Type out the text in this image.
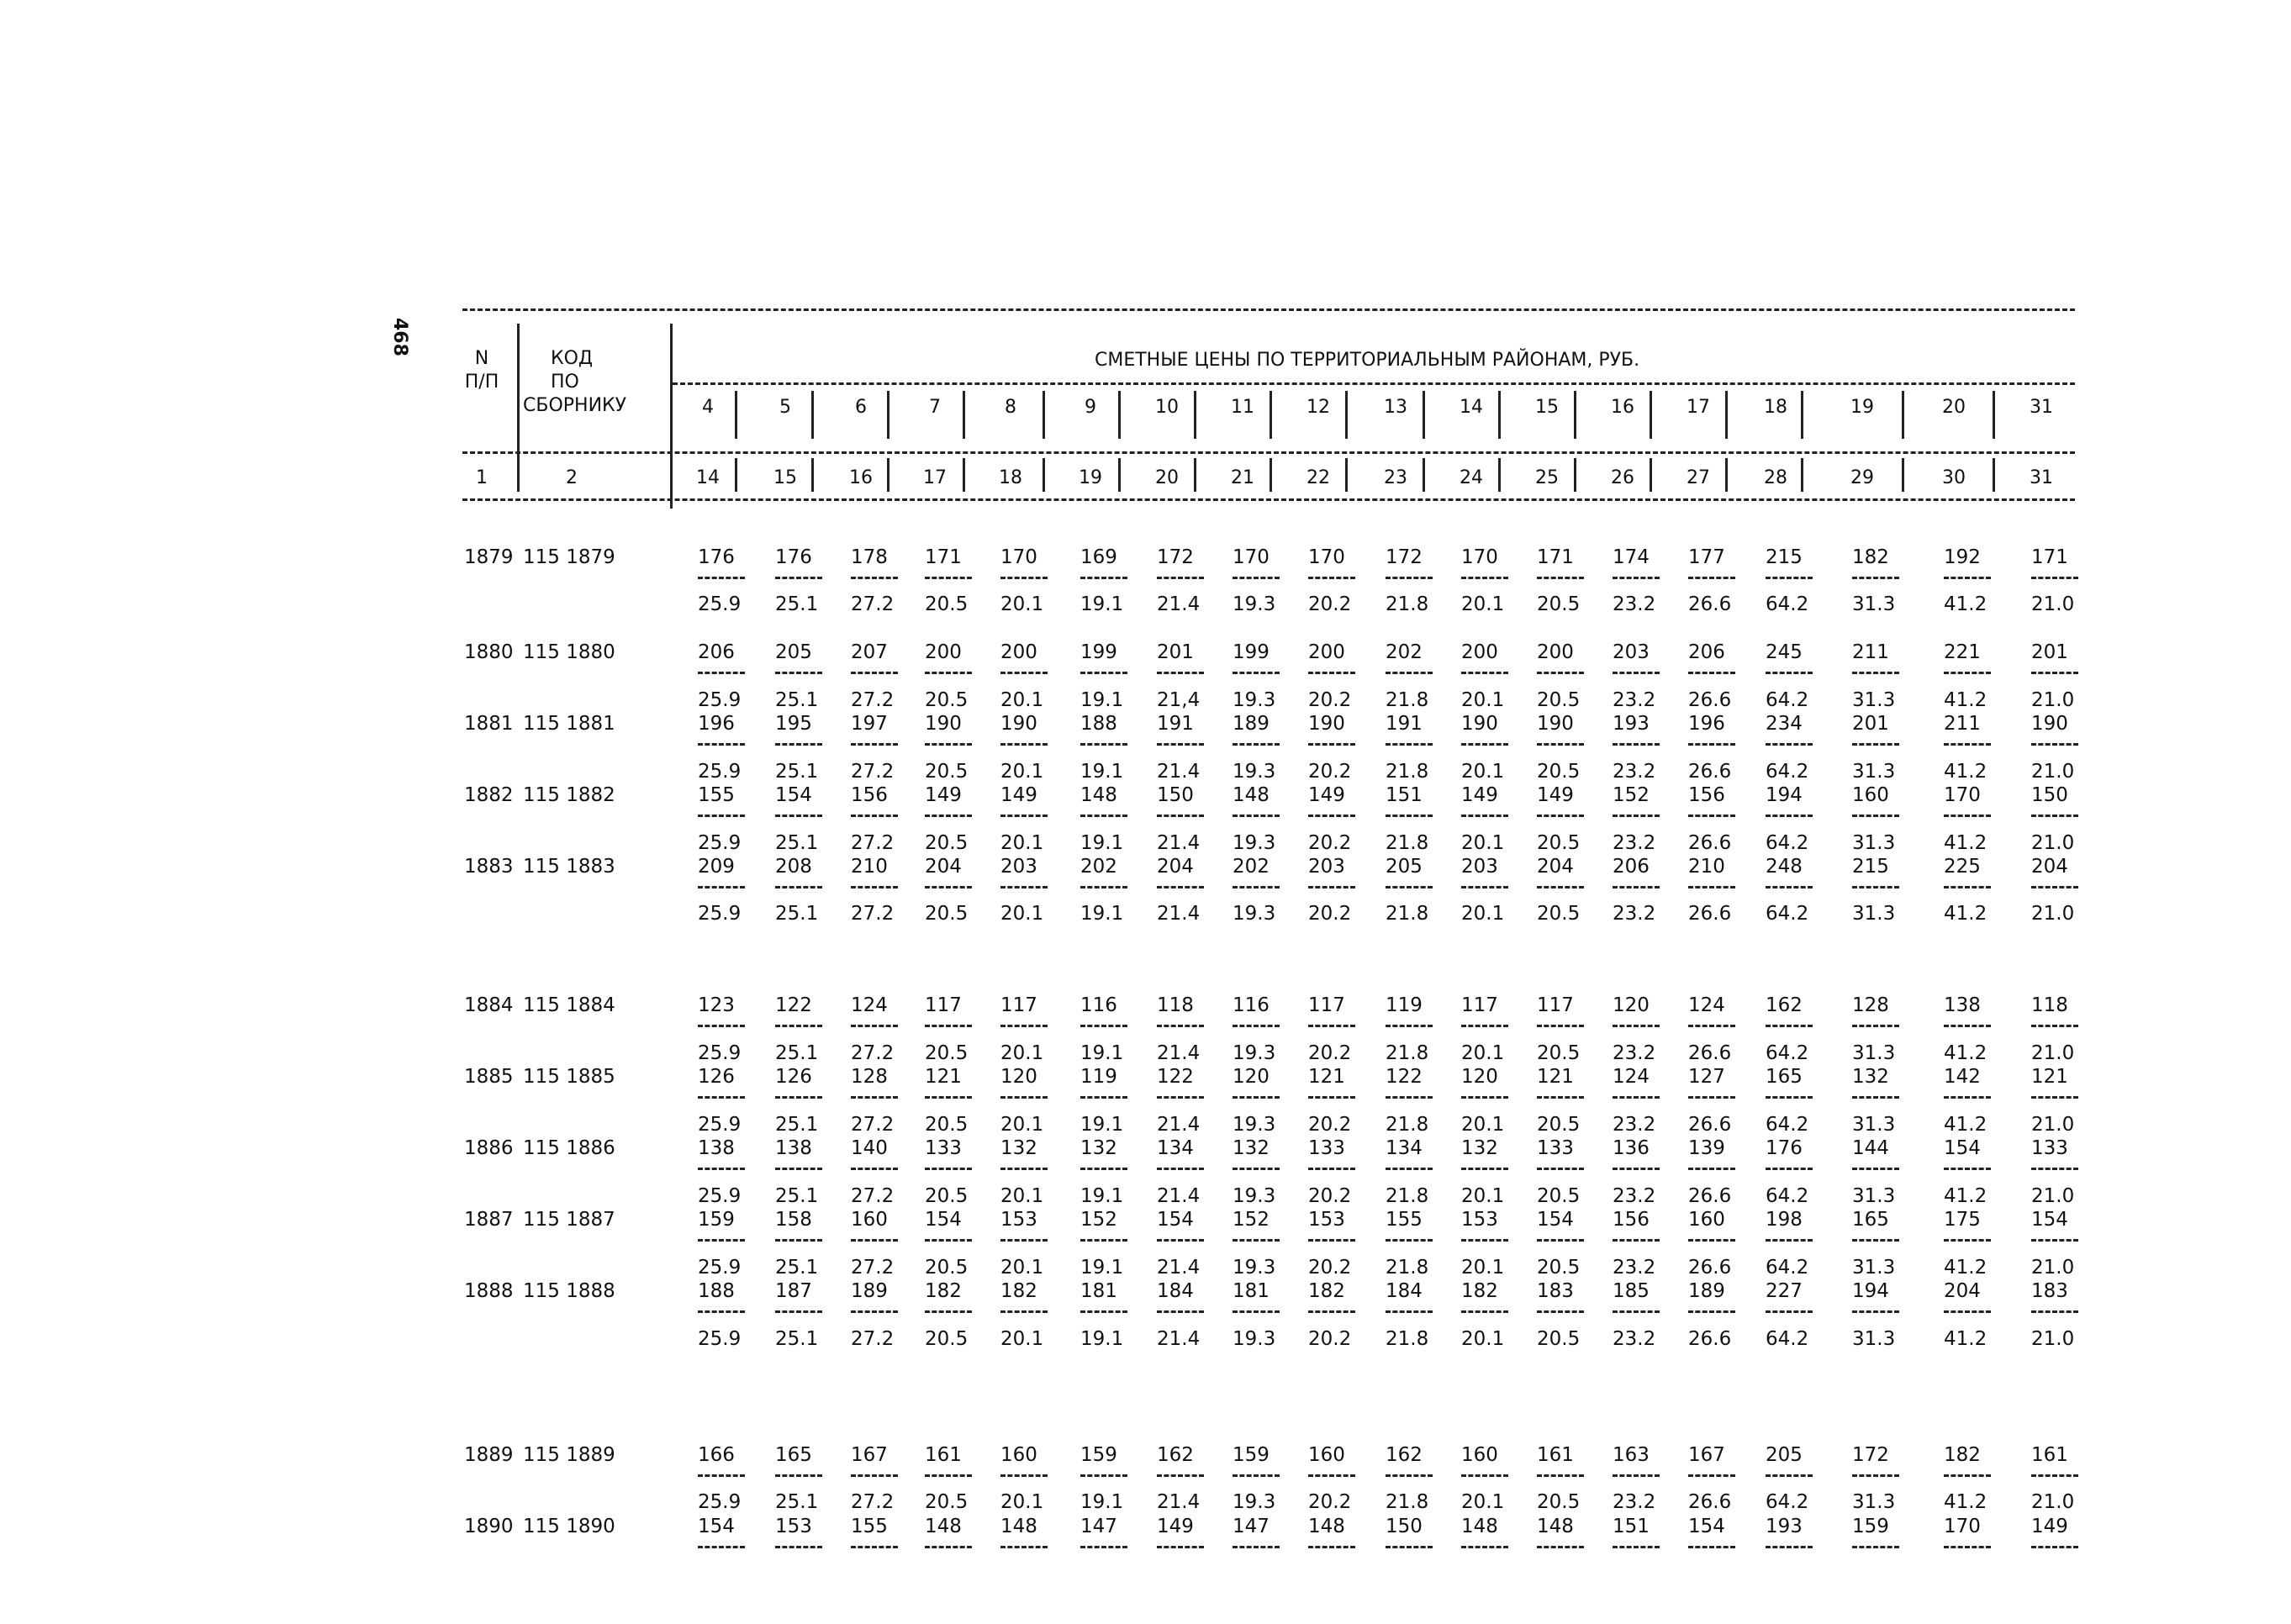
468
N
П/П
КОД
ПО
СБОРНИКУ
СМЕТНЫЕ ЦЕНЫ ПО ТЕРРИТОРИАЛЬНЫМ РАЙОНАМ, РУБ.
4	5	6	7	8	9	10	11	12	13	14	15	16	17	18	19	20	31
1	2	14	15	16	17	18	19	20	21	22	23	24	25	26	27	28	29	30	31
1879 115 1879	176 176 178 171 170 169 172 170 170 172 170 171 174 177 215	182	192	171
25.9 25.1 27.2 20.5 20.1 19.1 21.4 19.3 20.2 21.8 20.1 20.5 23.2 26.6 64.2 31.3	41.2 21.0
1880 115 1880	206 205 207 200 200 199 201 199 200 202 200 200 203 206 245	211	221	201
25.9 25.1 27.2 20.5 20.1 19.1 21,4 19.3 20.2 21.8 20.1 20.5 23.2 26.6 64.2 31.3	41.2 21.0
1881 115 1881	196 195 197 190 190 188 191 189 190 191 190 190 193 196 234	201	211	190
25.9 25.1 27.2 20.5 20.1 19.1 21.4 19.3 20.2 21.8 20.1 20.5 23.2 26.6 64.2 31.3	41.2 21.0
1882 115 1882	155 154 156 149 149 148 150 148 149 151 149 149 152 156 194	160	170	150
25.9 25.1 27.2 20.5 20.1 19.1 21.4 19.3 20.2 21.8 20.1 20.5 23.2 26.6 64.2 31.3	41.2 21.0
1883 115 1883	209 208 210 204 203 202 204 202 203 205 203 204 206 210 248	215	225	204
25.9 25.1 27.2 20.5 20.1 19.1 21.4 19.3 20.2 21.8 20.1 20.5 23.2 26.6 64.2 31.3	41.2 21.0
1884 115 1884	123 122 124 117 117 116 118 116 117 119 117 117 120 124 162	128	138	118
25.9 25.1 27.2 20.5 20.1 19.1 21.4 19.3 20.2 21.8 20.1 20.5 23.2 26.6 64.2 31.3	41.2 21.0
1885 115 1885	126 126 128 121 120 119 122 120 121 122 120 121 124 127 165	132	142	121
25.9 25.1 27.2 20.5 20.1 19.1 21.4 19.3 20.2 21.8 20.1 20.5 23.2 26.6 64.2 31.3	41.2 21.0
1886 115 1886	138 138 140 133 132 132 134 132 133 134 132 133 136 139 176	144	154	133
25.9 25.1 27.2 20.5 20.1 19.1 21.4 19.3 20.2 21.8 20.1 20.5 23.2 26.6 64.2 31.3	41.2 21.0
1887 115 1887	159 158 160 154 153 152 154 152 153 155 153 154 156 160 198	165	175	154
25.9 25.1 27.2 20.5 20.1 19.1 21.4 19.3 20.2 21.8 20.1 20.5 23.2 26.6 64.2 31.3	41.2 21.0
1888 115 1888	188 187 189 182 182 181 184 181 182 184 182 183 185 189 227	194	204	183
25.9 25.1 27.2 20.5 20.1 19.1 21.4 19.3 20.2 21.8 20.1 20.5 23.2 26.6 64.2 31.3	41.2 21.0
1889 115 1889	166 165 167 161 160 159 162 159 160 162 160 161 163 167 205	172	182	161
25.9 25.1 27.2 20.5 20.1 19.1 21.4 19.3 20.2 21.8 20.1 20.5 23.2 26.6 64.2 31.3	41.2 21.0
1890 115 1890	154 153 155 148 148 147 149 147 148 150 148 148 151 154 193	159	170	149
